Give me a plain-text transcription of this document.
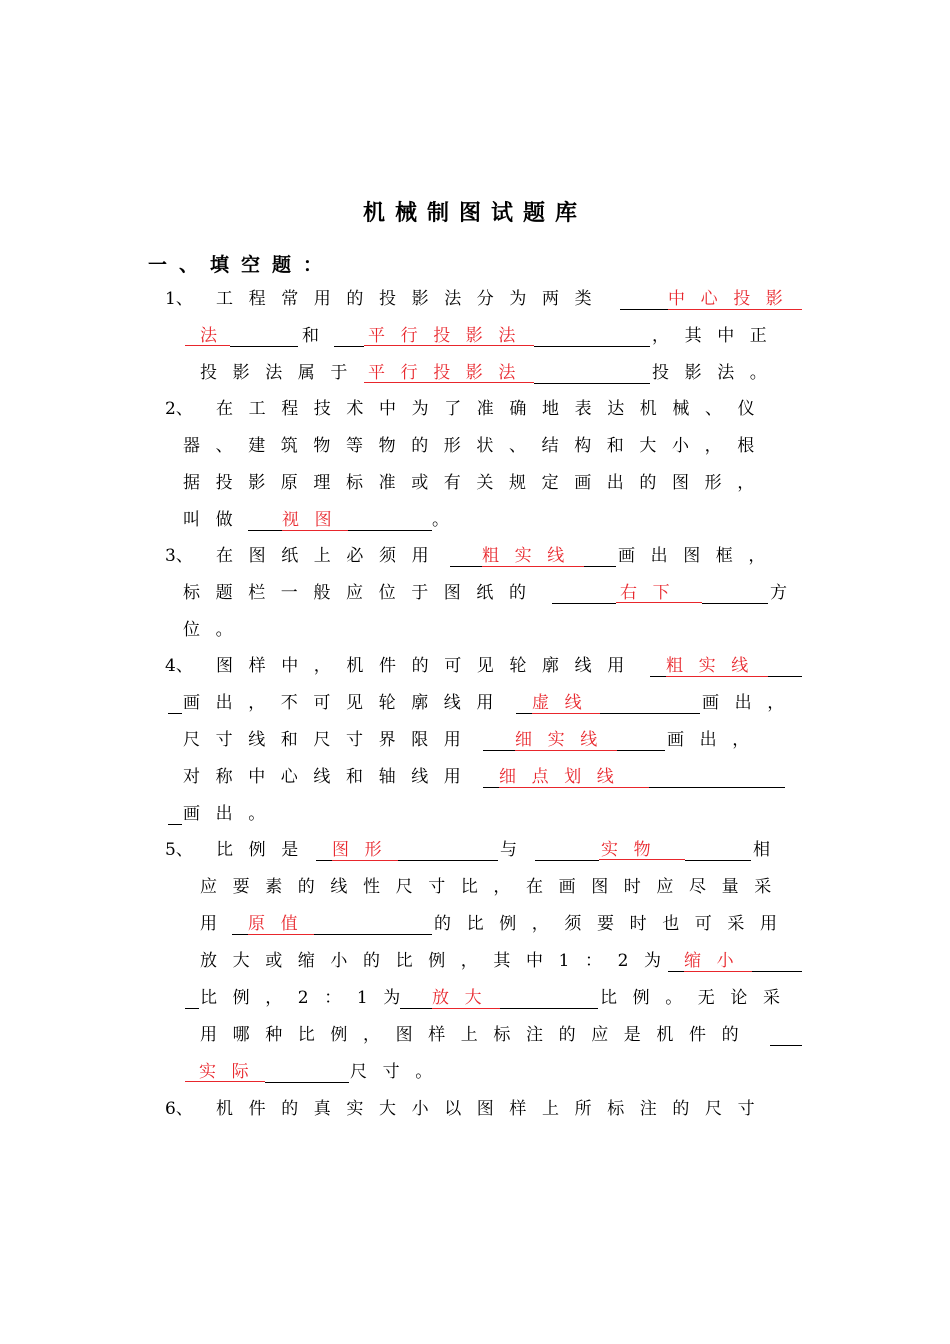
机械制图试题库
一、填空题：
1、 工程常用的投影法分为两类	中心投影
法	和	平行投影法	，其中正
投影法属于 平行投影法	投影法。
2、 在工程技术中为了准确地表达机械、仪
器、建筑物等物的形状、结构和大小，根
据投影原理标准或有关规定画出的图形，
叫做 视图	。
3、 在图纸上必须用 粗实线 画出图框，
标题栏一般应位于图纸的	右下	方
位。
4、 图样中，机件的可见轮廓线用 粗实线
画出，不可见轮廓线用 虚线	画出，
尺寸线和尺寸界限用 细实线	画出，
对称中心线和轴线用 细点划线
画出。
5、 比例是 图形	与	实物	相
应要素的线性尺寸比，在画图时应尽量采
用 原值	的比例，须要时也可采用
放大或缩小的比例，其中1：2为 缩小
比例，2：1为 放大	比例。无论采
用哪种比例，图样上标注的应是机件的
实际	尺寸。
6、 机件的真实大小以图样上所标注的尺寸
